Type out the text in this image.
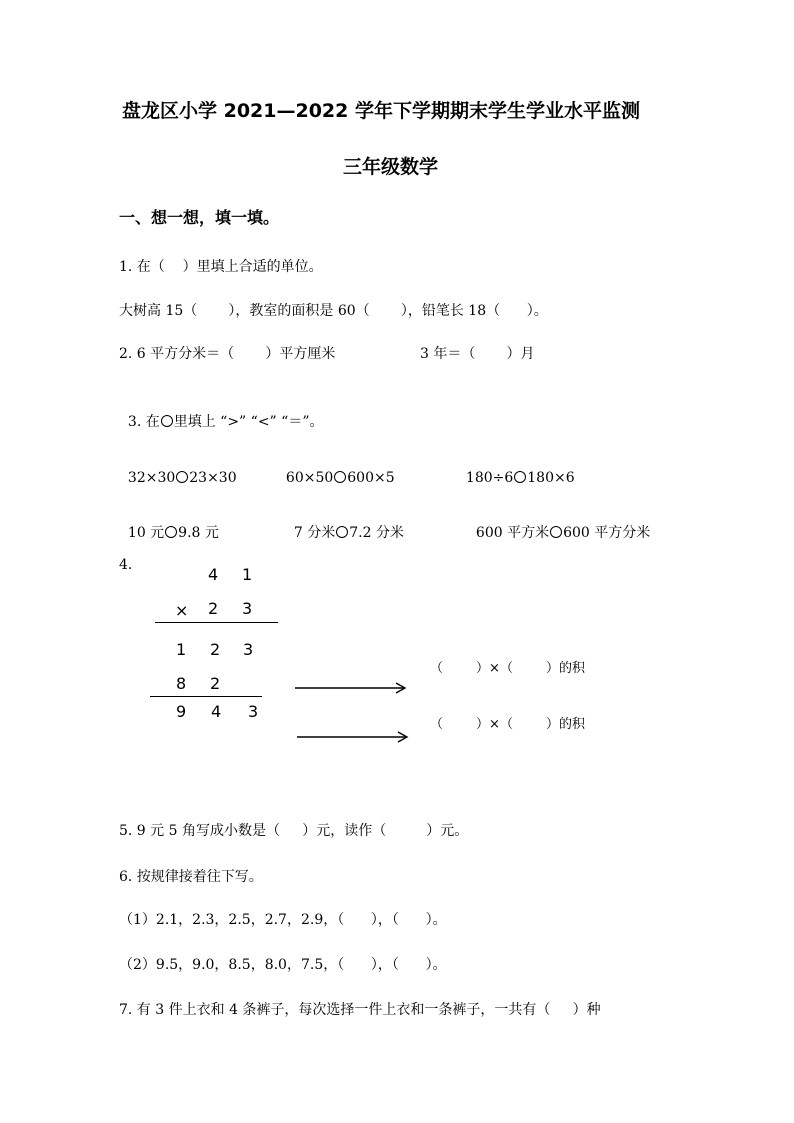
盘龙区小学 2021—2022 学年下学期期末学生学业水平监测
三年级数学
一、想一想，填一填。
1. 在（    ）里填上合适的单位。
大树高 15（       ），教室的面积是 60（       ），铅笔长 18（      ）。
2. 6 平方分米＝（       ）平方厘米	3 年＝（       ）月

3. 在 里填上 “>” “<” “＝”。

32×30 23×30	60×50 600×5	180÷6 180×6

10 元 9.8 元	7 分米 7.2 分米	600 平方米 600 平方分米

4.	4 1
× 2 3
1 2 3
8 2
9 4 3
（        ）×（        ）的积
（        ）×（        ）的积
5. 9 元 5 角写成小数是（     ）元，读作（         ）元。
6. 按规律接着往下写。
（1）2.1，2.3，2.5，2.7，2.9，（      ），（      ）。
（2）9.5，9.0，8.5，8.0，7.5，（      ），（      ）。
7. 有 3 件上衣和 4 条裤子，每次选择一件上衣和一条裤子，一共有（     ）种
